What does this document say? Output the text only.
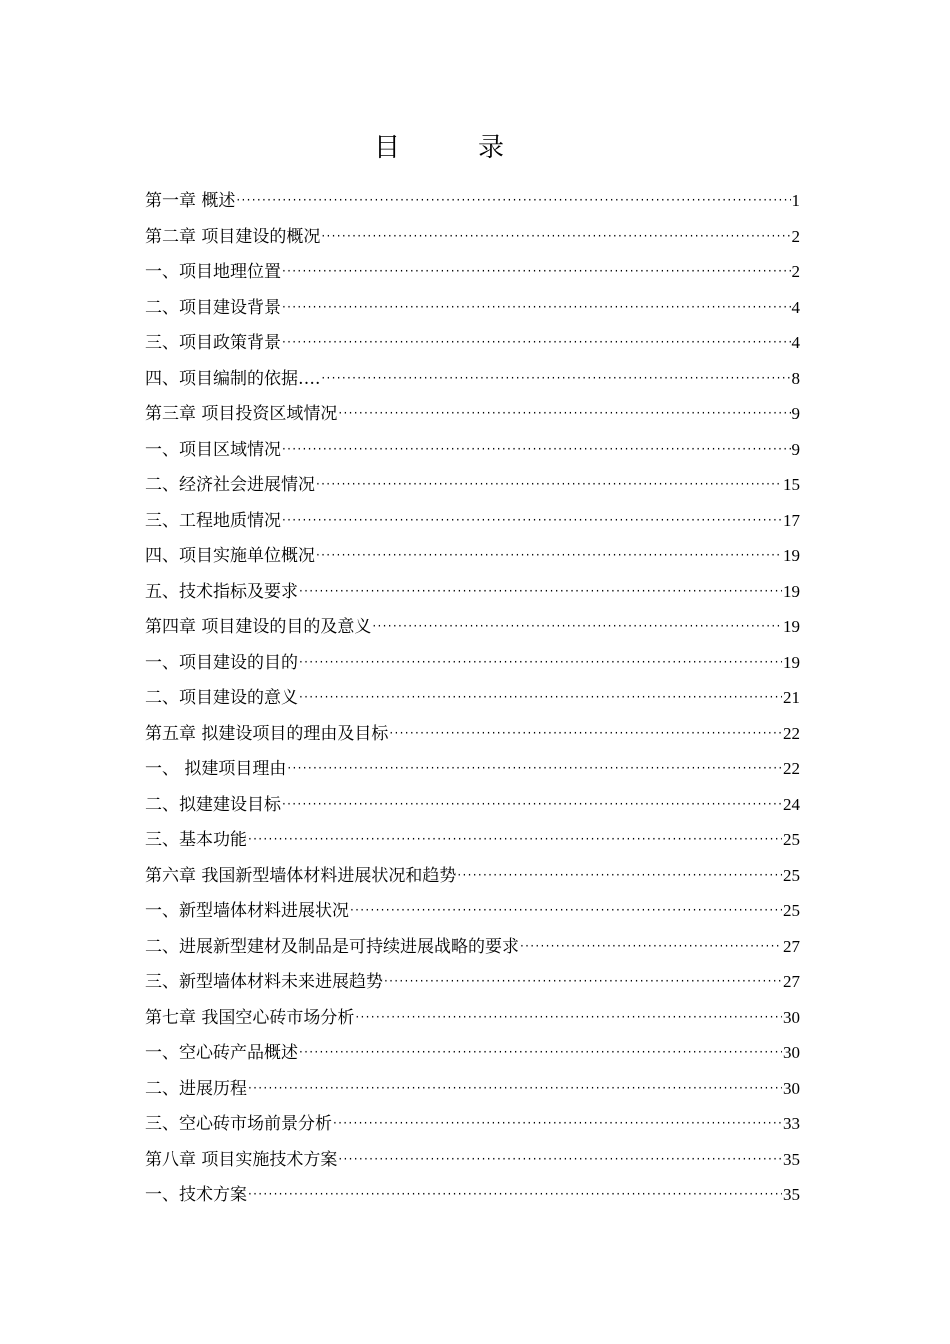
目　录
第一章 概述 ·····	1
第二章 项目建设的概况 ·····	2
一、项目地理位置 ·····	2
二、项目建设背景 ·····	4
三、项目政策背景 ·····	4
四、项目编制的依据…. ·····	8
第三章 项目投资区域情况 ·····	9
一、项目区域情况 ·····	9
二、经济社会进展情况 ·····	15
三、工程地质情况 ·····	17
四、项目实施单位概况 ·····	19
五、技术指标及要求 ·····	19
第四章 项目建设的目的及意义 ·····	19
一、项目建设的目的 ·····	19
二、项目建设的意义 ·····	21
第五章 拟建设项目的理由及目标 ·····	22
一、 拟建项目理由 ·····	22
二、拟建建设目标 ·····	24
三、基本功能 ·····	25
第六章 我国新型墙体材料进展状况和趋势 ·····	25
一、新型墙体材料进展状况 ·····	25
二、进展新型建材及制品是可持续进展战略的要求 ·····	27
三、新型墙体材料未来进展趋势 ·····	27
第七章 我国空心砖市场分析 ·····	30
一、空心砖产品概述 ·····	30
二、进展历程 ·····	30
三、空心砖市场前景分析 ·····	33
第八章 项目实施技术方案 ·····	35
一、技术方案 ·····	35
